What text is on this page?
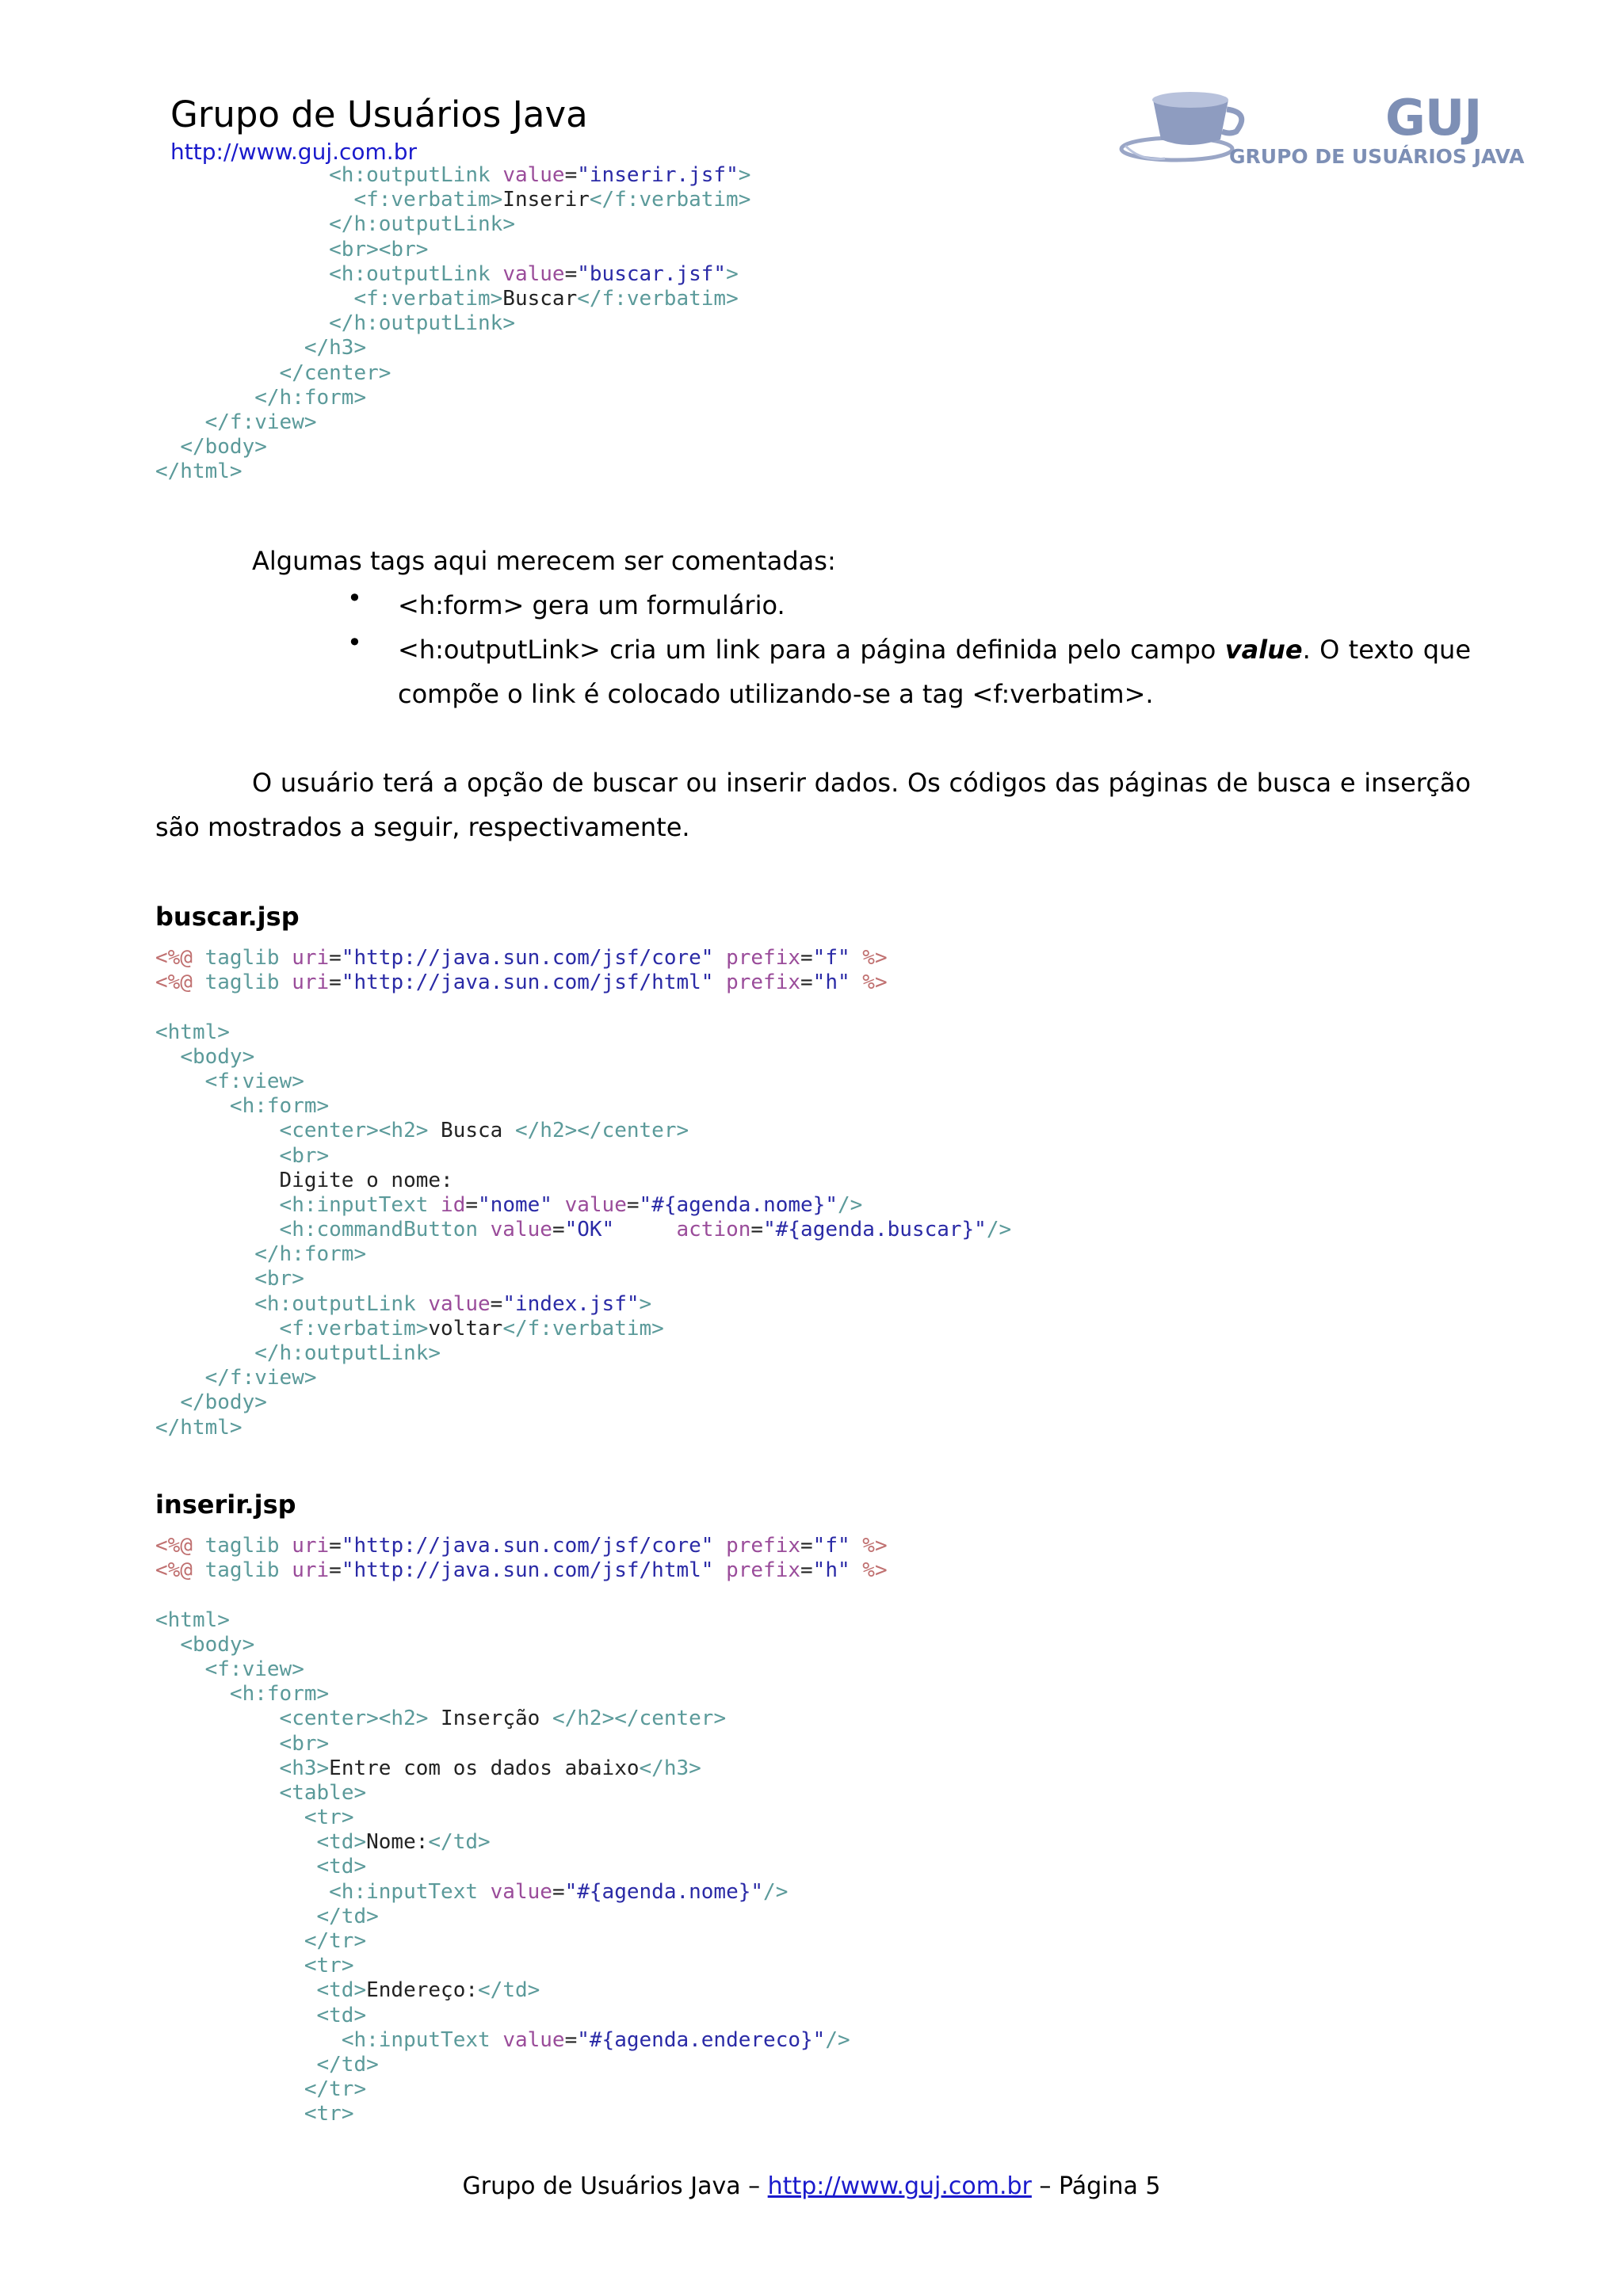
Grupo de Usuários Java
http://www.guj.com.br
GUJ
GRUPO DE USUÁRIOS JAVA
<h:outputLink value="inserir.jsf">
<f:verbatim>Inserir</f:verbatim>
</h:outputLink>
<br><br>
<h:outputLink value="buscar.jsf">
<f:verbatim>Buscar</f:verbatim>
</h:outputLink>
</h3>
</center>
</h:form>
</f:view>
</body>
</html>
Algumas tags aqui merecem ser comentadas:
• <h:form> gera um formulário.
• <h:outputLink> cria um link para a página definida pelo campo value. O texto que compõe o link é colocado utilizando-se a tag <f:verbatim>.
O usuário terá a opção de buscar ou inserir dados. Os códigos das páginas de busca e inserção são mostrados a seguir, respectivamente.
buscar.jsp
<%@ taglib uri="http://java.sun.com/jsf/core" prefix="f" %>
<%@ taglib uri="http://java.sun.com/jsf/html" prefix="h" %>
<html>
<body>
<f:view>
<h:form>
<center><h2> Busca </h2></center>
<br>
Digite o nome:
<h:inputText id="nome" value="#{agenda.nome}"/>
<h:commandButton value="OK"	action="#{agenda.buscar}"/>
</h:form>
<br>
<h:outputLink value="index.jsf">
<f:verbatim>voltar</f:verbatim>
</h:outputLink>
</f:view>
</body>
</html>
inserir.jsp
<%@ taglib uri="http://java.sun.com/jsf/core" prefix="f" %>
<%@ taglib uri="http://java.sun.com/jsf/html" prefix="h" %>
<html>
<body>
<f:view>
<h:form>
<center><h2> Inserção </h2></center>
<br>
<h3>Entre com os dados abaixo</h3>
<table>
<tr>
<td>Nome:</td>
<td>
<h:inputText value="#{agenda.nome}"/>
</td>
</tr>
<tr>
<td>Endereço:</td>
<td>
<h:inputText value="#{agenda.endereco}"/>
</td>
</tr>
<tr>
Grupo de Usuários Java – http://www.guj.com.br – Página 5
